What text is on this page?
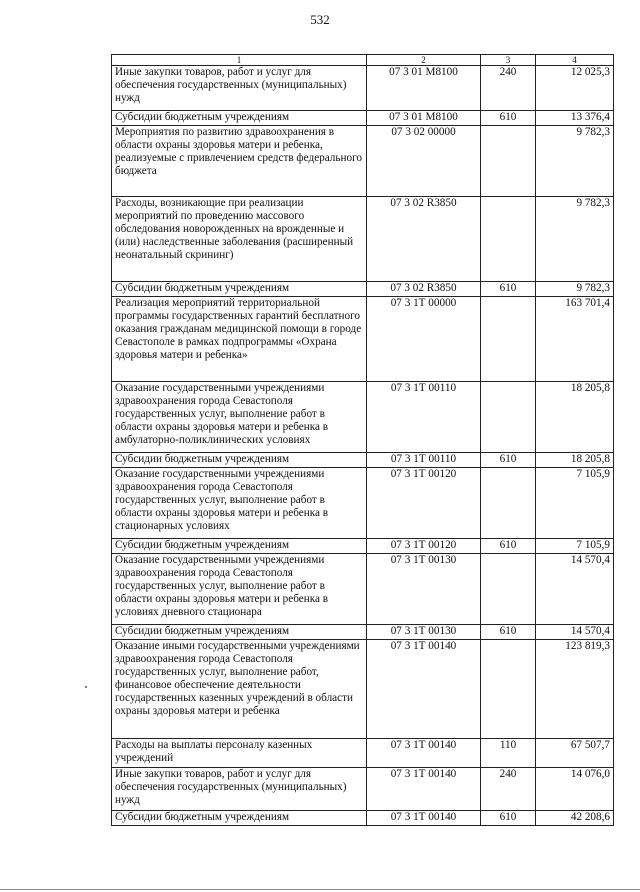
532
1	2	3	4
Иные закупки товаров, работ и услуг для обеспечения государственных (муниципальных) нужд	07 3 01 M8100	240	12 025,3
Субсидии бюджетным учреждениям	07 3 01 M8100	610	13 376,4
Мероприятия по развитию здравоохранения в области охраны здоровья матери и ребенка, реализуемые с привлечением средств федерального бюджета	07 3 02 00000		9 782,3
Расходы, возникающие при реализации мероприятий по проведению массового обследования новорожденных на врожденные и (или) наследственные заболевания (расширенный неонатальный скрининг)	07 3 02 R3850		9 782,3
Субсидии бюджетным учреждениям	07 3 02 R3850	610	9 782,3
Реализация мероприятий территориальной программы государственных гарантий бесплатного оказания гражданам медицинской помощи в городе Севастополе в рамках подпрограммы «Охрана здоровья матери и ребенка»	07 3 1Т 00000		163 701,4
Оказание государственными учреждениями здравоохранения города Севастополя государственных услуг, выполнение работ в области охраны здоровья матери и ребенка в амбулаторно-поликлинических условиях	07 3 1Т 00110		18 205,8
Субсидии бюджетным учреждениям	07 3 1Т 00110	610	18 205,8
Оказание государственными учреждениями здравоохранения города Севастополя государственных услуг, выполнение работ в области охраны здоровья матери и ребенка в стационарных условиях	07 3 1Т 00120		7 105,9
Субсидии бюджетным учреждениям	07 3 1Т 00120	610	7 105,9
Оказание государственными учреждениями здравоохранения города Севастополя государственных услуг, выполнение работ в области охраны здоровья матери и ребенка в условиях дневного стационара	07 3 1Т 00130		14 570,4
Субсидии бюджетным учреждениям	07 3 1Т 00130	610	14 570,4
Оказание иными государственными учреждениями здравоохранения города Севастополя государственных услуг, выполнение работ, финансовое обеспечение деятельности государственных казенных учреждений в области охраны здоровья матери и ребенка	07 3 1Т 00140		123 819,3
Расходы на выплаты персоналу казенных учреждений	07 3 1Т 00140	110	67 507,7
Иные закупки товаров, работ и услуг для обеспечения государственных (муниципальных) нужд	07 3 1Т 00140	240	14 076,0
Субсидии бюджетным учреждениям	07 3 1Т 00140	610	42 208,6
